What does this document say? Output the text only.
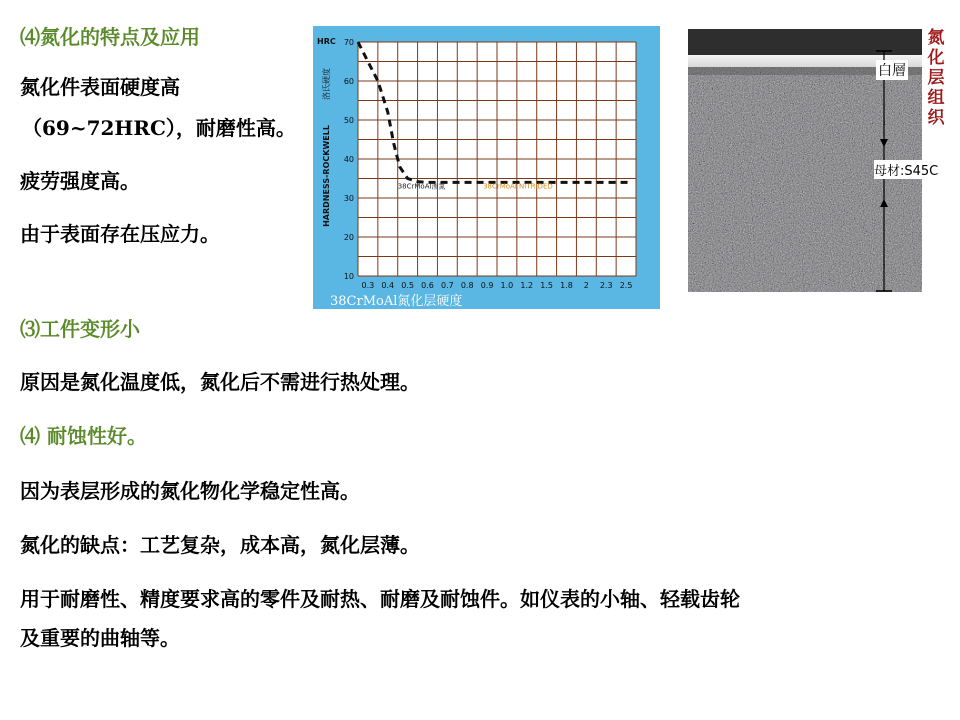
⑷氮化的特点及应用
氮化件表面硬度高
（69~72HRC），耐磨性高。
疲劳强度高。
由于表面存在压应力。
⑶工件变形小
原因是氮化温度低，氮化后不需进行热处理。
⑷ 耐蚀性好。
因为表层形成的氮化物化学稳定性高。
氮化的缺点：工艺复杂，成本高，氮化层薄。
用于耐磨性、精度要求高的零件及耐热、耐磨及耐蚀件。如仪表的小轴、轻载齿轮
及重要的曲轴等。
0.3 0.4 0.5 0.6 0.7 0.8 0.9 1.0 1.2 1.5 1.8 2 2.3 2.5
10
20
30
40
50
60
70
HRC
HARDNESS-ROCKWELL
洛氏硬度
38CrMoAl渗氮	38CrMoAl NITRIDED
38CrMoAl氮化层硬度
白層
母材:S45C
氮化层组织
